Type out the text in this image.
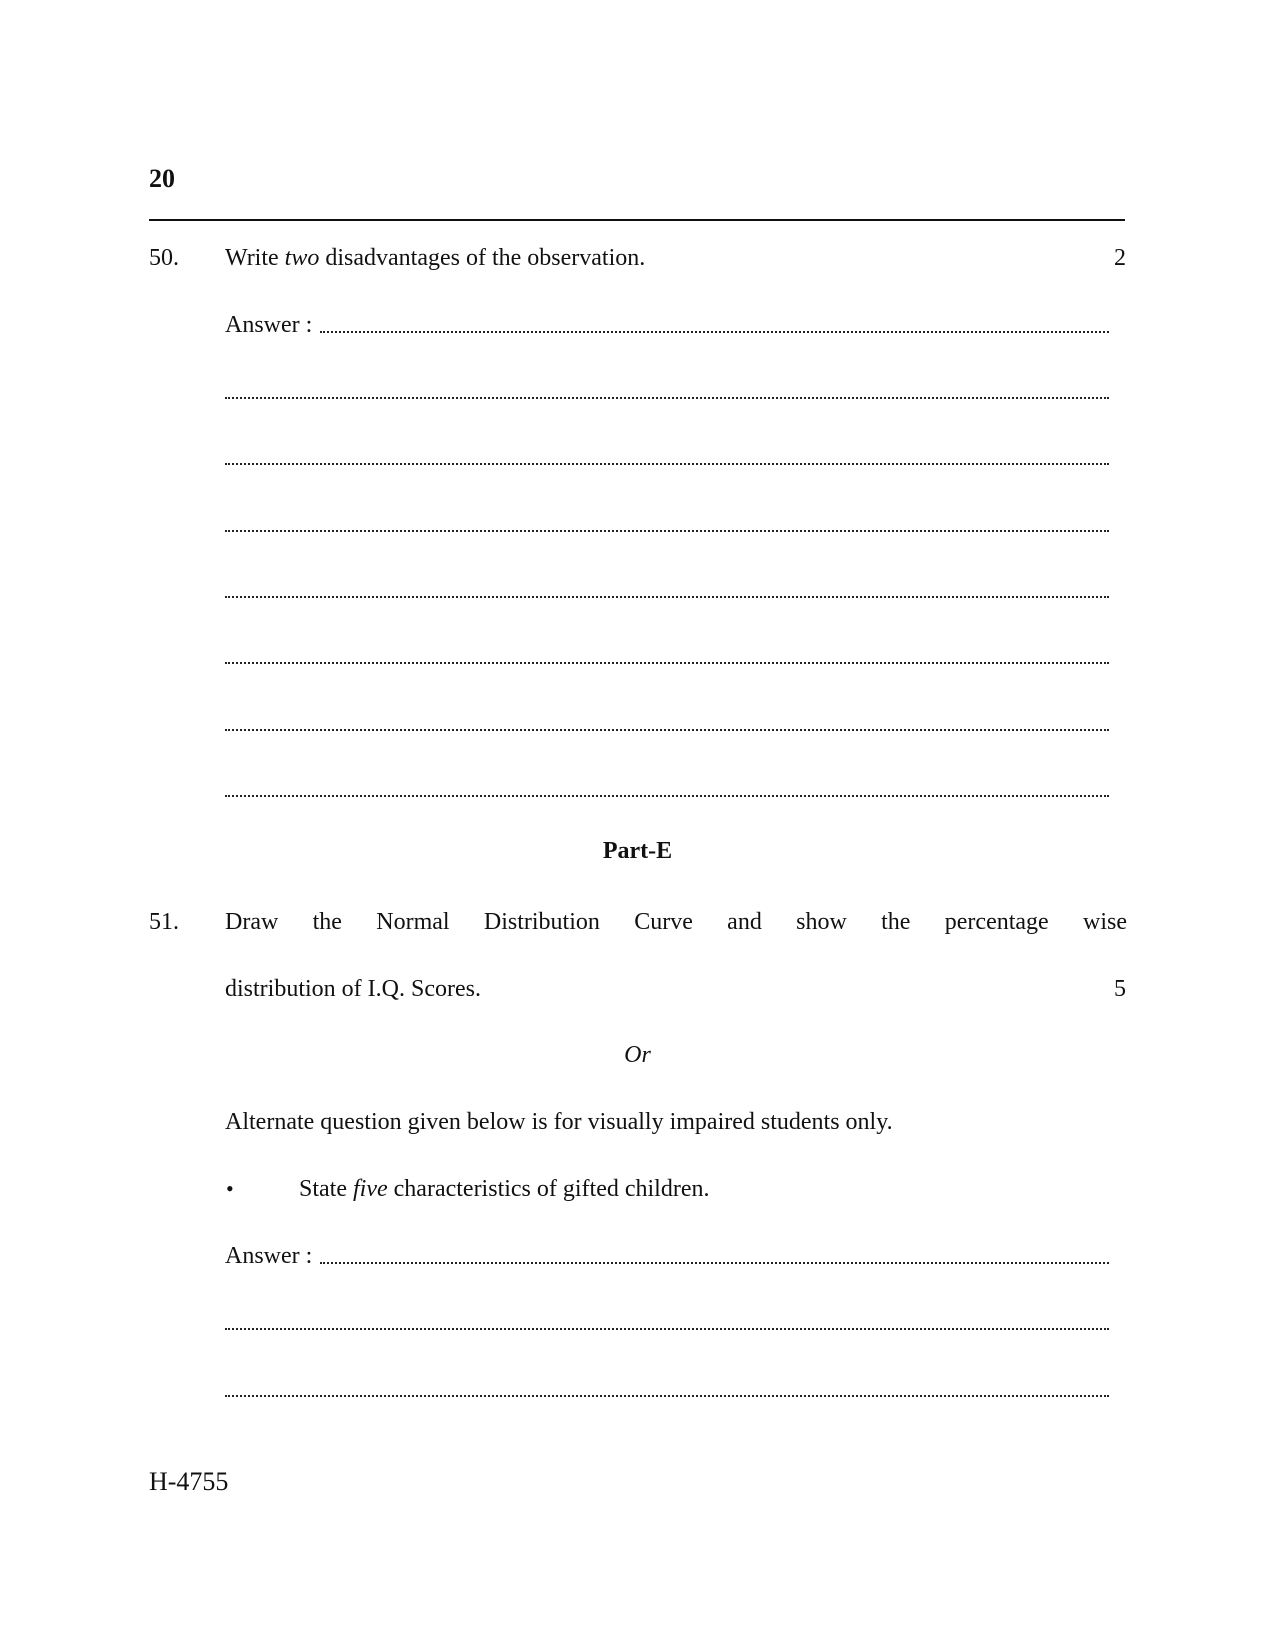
20
50. Write two disadvantages of the observation.	2
Answer :
Part-E
51. Draw the Normal Distribution Curve and show the percentage wise
distribution of I.Q. Scores.	5
Or
Alternate question given below is for visually impaired students only.
•	State five characteristics of gifted children.
Answer :
H-4755
